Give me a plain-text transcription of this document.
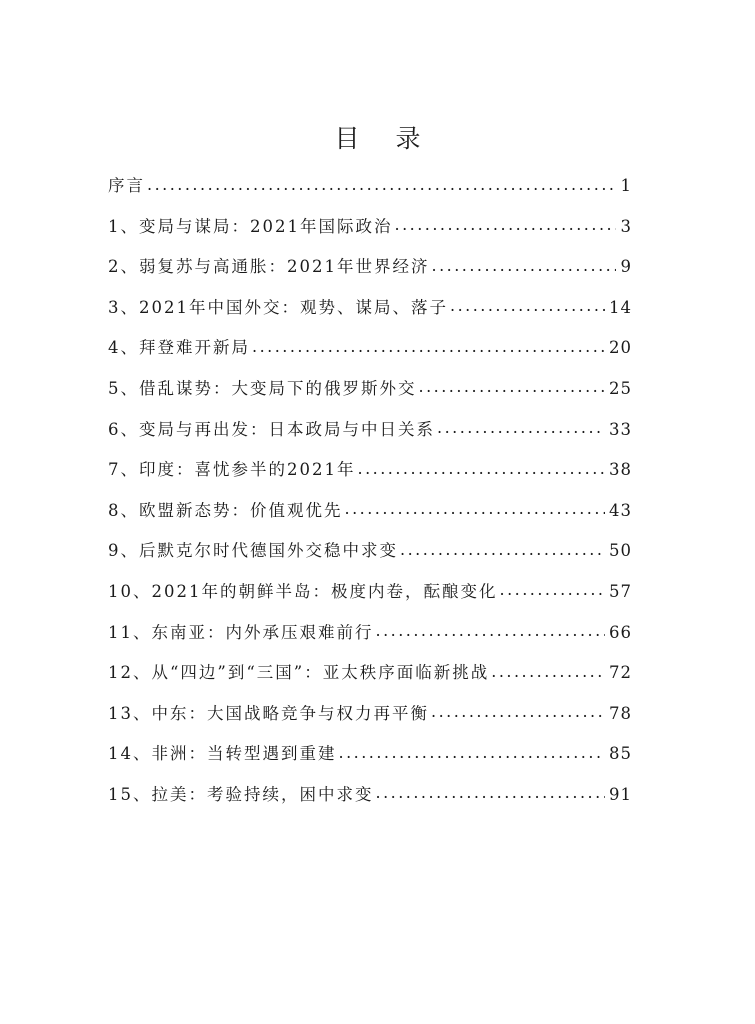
目 录
序言 . . .	1
1、变局与谋局：2021年国际政治 . . .	3
2、弱复苏与高通胀：2021年世界经济 . . .	9
3、2021年中国外交：观势、谋局、落子 . . .	14
4、拜登难开新局 . . .	20
5、借乱谋势：大变局下的俄罗斯外交 . . .	25
6、变局与再出发：日本政局与中日关系 . . .	33
7、印度：喜忧参半的2021年 . . .	38
8、欧盟新态势：价值观优先 . . .	43
9、后默克尔时代德国外交稳中求变 . . .	50
10、2021年的朝鲜半岛：极度内卷，酝酿变化 . . .	57
11、东南亚：内外承压艰难前行 . . .	66
12、从“四边”到“三国”：亚太秩序面临新挑战 . . .	72
13、中东：大国战略竞争与权力再平衡 . . .	78
14、非洲：当转型遇到重建 . . .	85
15、拉美：考验持续，困中求变 . . .	91
